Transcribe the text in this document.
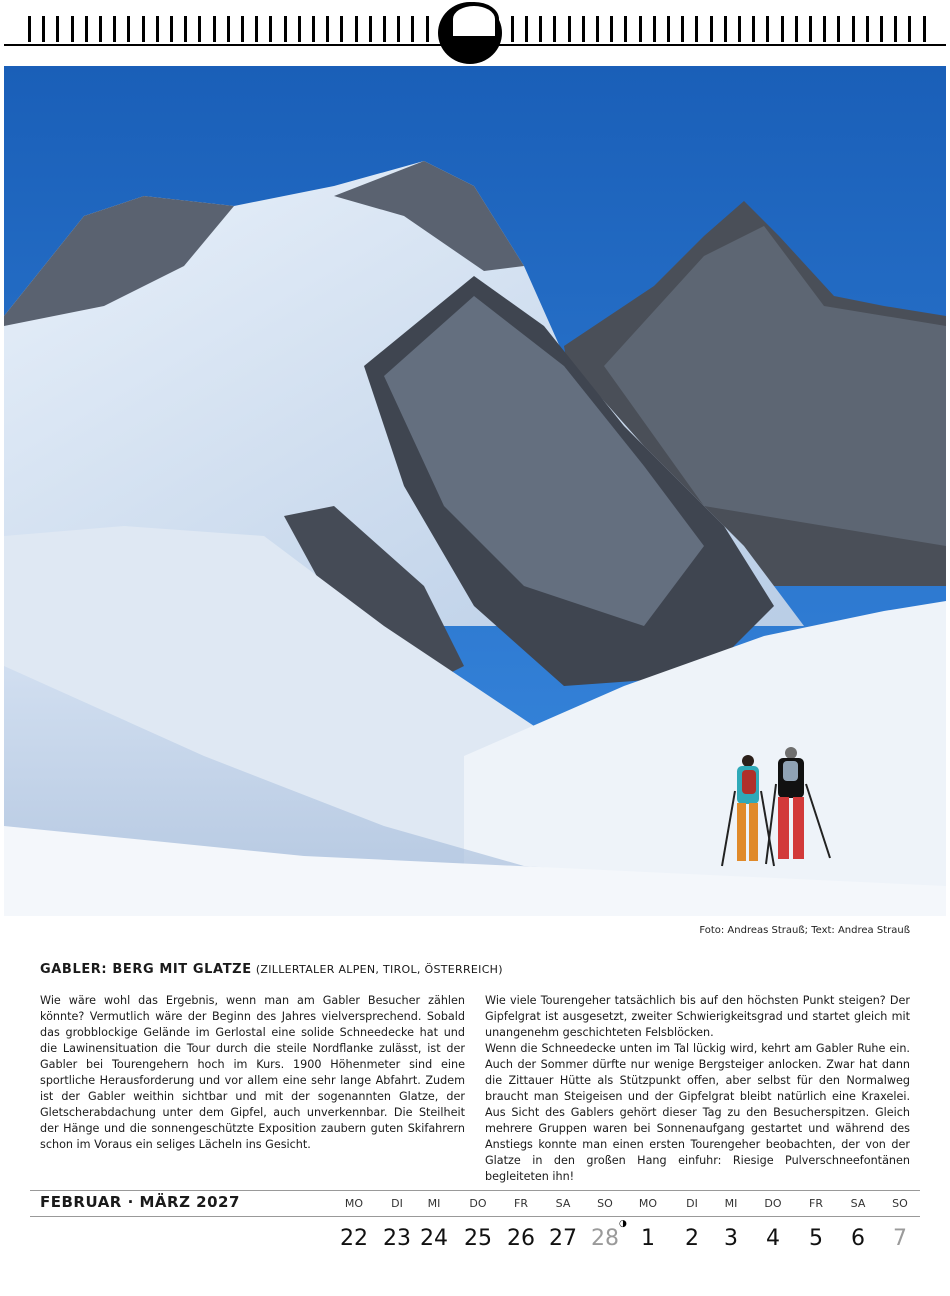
Foto: Andreas Strauß; Text: Andrea Strauß
GABLER: BERG MIT GLATZE (ZILLERTALER ALPEN, TIROL, ÖSTERREICH)

Wie wäre wohl das Ergebnis, wenn man am Gabler Besucher zählen könnte? Vermutlich wäre der Beginn des Jahres vielversprechend. Sobald das grobblockige Gelände im Gerlostal eine solide Schneedecke hat und die Lawinensituation die Tour durch die steile Nordflanke zulässt, ist der Gabler bei Tourengehern hoch im Kurs. 1900 Höhenmeter sind eine sportliche Herausforderung und vor allem eine sehr lange Abfahrt. Zudem ist der Gabler weithin sichtbar und mit der sogenannten Glatze, der Gletscherabdachung unter dem Gipfel, auch unverkennbar. Die Steilheit der Hänge und die sonnengeschützte Exposition zaubern guten Skifahrern schon im Voraus ein seliges Lächeln ins Gesicht.

Wie viele Tourengeher tatsächlich bis auf den höchsten Punkt steigen? Der Gipfelgrat ist ausgesetzt, zweiter Schwierigkeitsgrad und startet gleich mit unangenehm geschichteten Felsblöcken.

Wenn die Schneedecke unten im Tal lückig wird, kehrt am Gabler Ruhe ein. Auch der Sommer dürfte nur wenige Bergsteiger anlocken. Zwar hat dann die Zittauer Hütte als Stützpunkt offen, aber selbst für den Normalweg braucht man Steigeisen und der Gipfelgrat bleibt natürlich eine Kraxelei. Aus Sicht des Gablers gehört dieser Tag zu den Besucherspitzen. Gleich mehrere Gruppen waren bei Sonnenaufgang gestartet und während des Anstiegs konnte man einen ersten Tourengeher beobachten, der von der Glatze in den großen Hang einfuhr: Riesige Pulverschneefontänen begleiteten ihn!

FEBRUAR · MÄRZ 2027
◑
MO	DI	MI	DO	FR	SA	SO	MO	DI	MI	DO	FR	SA	SO
22 23 24 25 26 27 28	1	2	3	4	5	6	7
